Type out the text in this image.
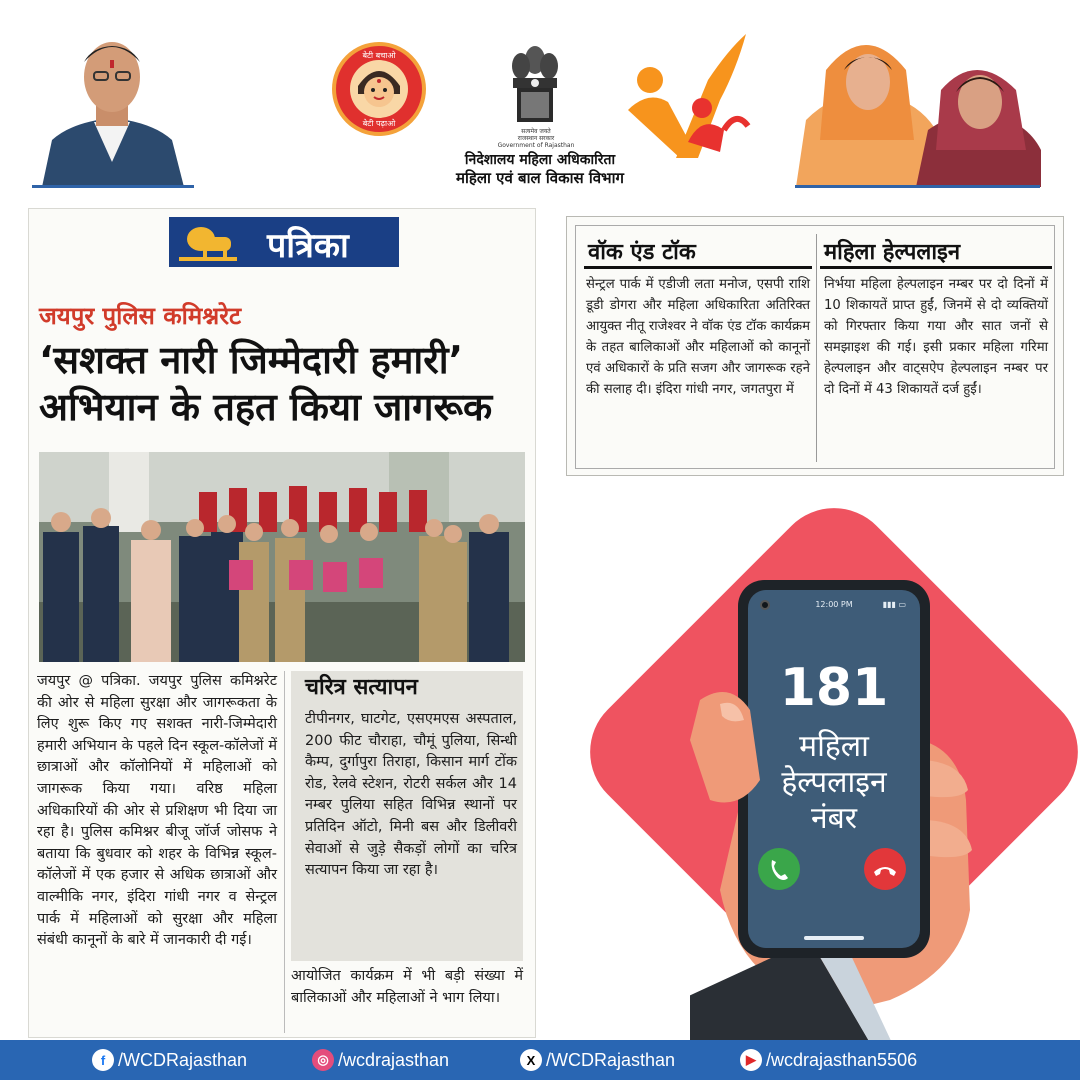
बेटी बचाओ
बेटी पढ़ाओ
सत्यमेव जयते
राजस्थान सरकार
Government of Rajasthan
निदेशालय महिला अधिकारिता
महिला एवं बाल विकास विभाग
पत्रिका
जयपुर पुलिस कमिश्नरेट
‘सशक्त नारी जिम्मेदारी हमारी’
अभियान के तहत किया जागरूक
जयपुर @ पत्रिका. जयपुर पुलिस कमिश्नरेट की ओर से महिला सुरक्षा और जागरूकता के लिए शुरू किए गए सशक्त नारी-जिम्मेदारी हमारी अभियान के पहले दिन स्कूल-कॉलेजों में छात्राओं और कॉलोनियों में महिलाओं को जागरूक किया गया। वरिष्ठ महिला अधिकारियों की ओर से प्रशिक्षण भी दिया जा रहा है। पुलिस कमिश्नर बीजू जॉर्ज जोसफ ने बताया कि बुधवार को शहर के विभिन्न स्कूल-कॉलेजों में एक हजार से अधिक छात्राओं और वाल्मीकि नगर, इंदिरा गांधी नगर व सेन्ट्रल पार्क में महिलाओं को सुरक्षा और महिला संबंधी कानूनों के बारे में जानकारी दी गई।
चरित्र सत्यापन
टीपीनगर, घाटगेट, एसएमएस अस्पताल, 200 फीट चौराहा, चौमूं पुलिया, सिन्धी कैम्प, दुर्गापुरा तिराहा, किसान मार्ग टोंक रोड, रेलवे स्टेशन, रोटरी सर्कल और 14 नम्बर पुलिया सहित विभिन्न स्थानों पर प्रतिदिन ऑटो, मिनी बस और डिलीवरी सेवाओं से जुड़े सैकड़ों लोगों का चरित्र सत्यापन किया जा रहा है।
आयोजित कार्यक्रम में भी बड़ी संख्या में बालिकाओं और महिलाओं ने भाग लिया।
वॉक एंड टॉक	महिला हेल्पलाइन
सेन्ट्रल पार्क में एडीजी लता मनोज, एसपी राशि डूडी डोगरा और महिला अधिकारिता अतिरिक्त आयुक्त नीतू राजेश्वर ने वॉक एंड टॉक कार्यक्रम के तहत बालिकाओं और महिलाओं को कानूनों एवं अधिकारों के प्रति सजग और जागरूक रहने की सलाह दी। इंदिरा गांधी नगर, जगतपुरा में
निर्भया महिला हेल्पलाइन नम्बर पर दो दिनों में 10 शिकायतें प्राप्त हुईं, जिनमें से दो व्यक्तियों को गिरफ्तार किया गया और सात जनों से समझाइश की गई। इसी प्रकार महिला गरिमा हेल्पलाइन और वाट्सऐप हेल्पलाइन नम्बर पर दो दिनों में 43 शिकायतें दर्ज हुईं।
12:00 PM	▮▮▮ ▭
181
महिला
हेल्पलाइन
नंबर
f /WCDRajasthan	◎ /wcdrajasthan	X /WCDRajasthan	▶ /wcdrajasthan5506
